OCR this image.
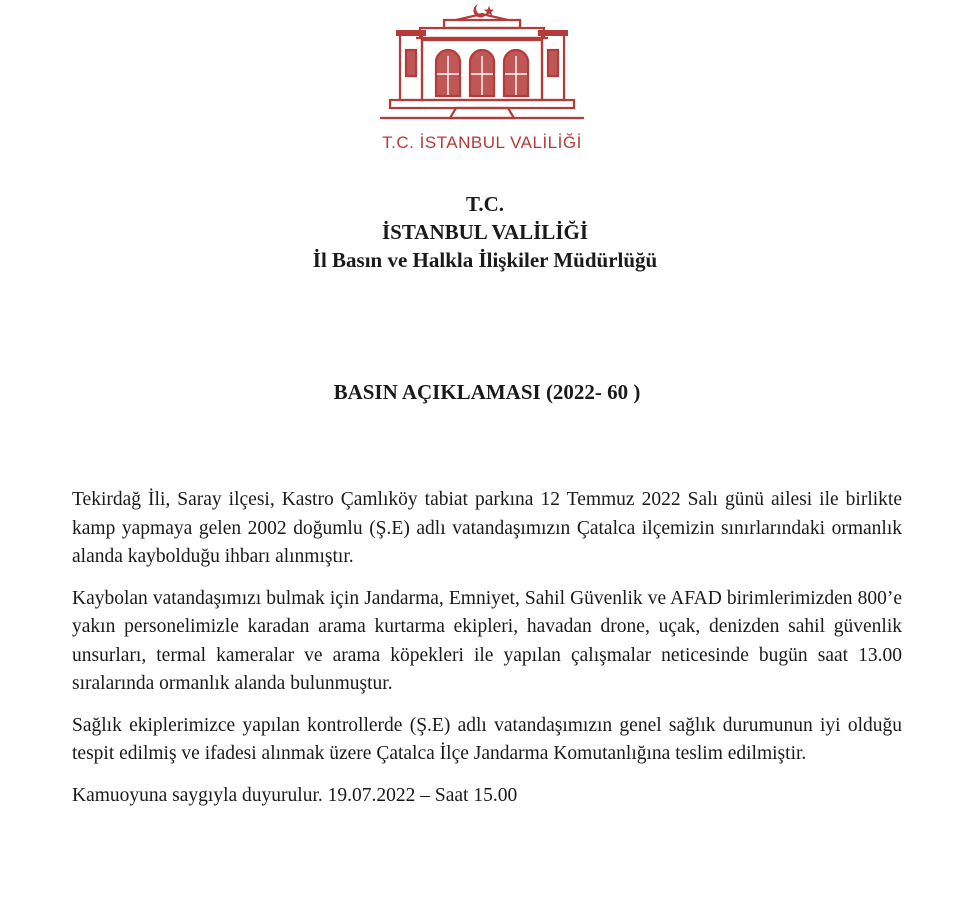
T.C. İSTANBUL VALİLİĞİ
T.C.
İSTANBUL VALİLİĞİ
İl Basın ve Halkla İlişkiler Müdürlüğü
BASIN AÇIKLAMASI (2022- 60 )

Tekirdağ İli, Saray ilçesi, Kastro Çamlıköy tabiat parkına 12 Temmuz 2022 Salı günü ailesi ile birlikte kamp yapmaya gelen 2002 doğumlu (Ş.E) adlı vatandaşımızın Çatalca ilçemizin sınırlarındaki ormanlık alanda kaybolduğu ihbarı alınmıştır.

Kaybolan vatandaşımızı bulmak için Jandarma, Emniyet, Sahil Güvenlik ve AFAD birimlerimizden 800’e yakın personelimizle karadan arama kurtarma ekipleri, havadan drone, uçak, denizden sahil güvenlik unsurları, termal kameralar ve arama köpekleri ile yapılan çalışmalar neticesinde bugün saat 13.00 sıralarında ormanlık alanda bulunmuştur.

Sağlık ekiplerimizce yapılan kontrollerde (Ş.E) adlı vatandaşımızın genel sağlık durumunun iyi olduğu tespit edilmiş ve ifadesi alınmak üzere Çatalca İlçe Jandarma Komutanlığına teslim edilmiştir.

Kamuoyuna saygıyla duyurulur. 19.07.2022 – Saat 15.00
